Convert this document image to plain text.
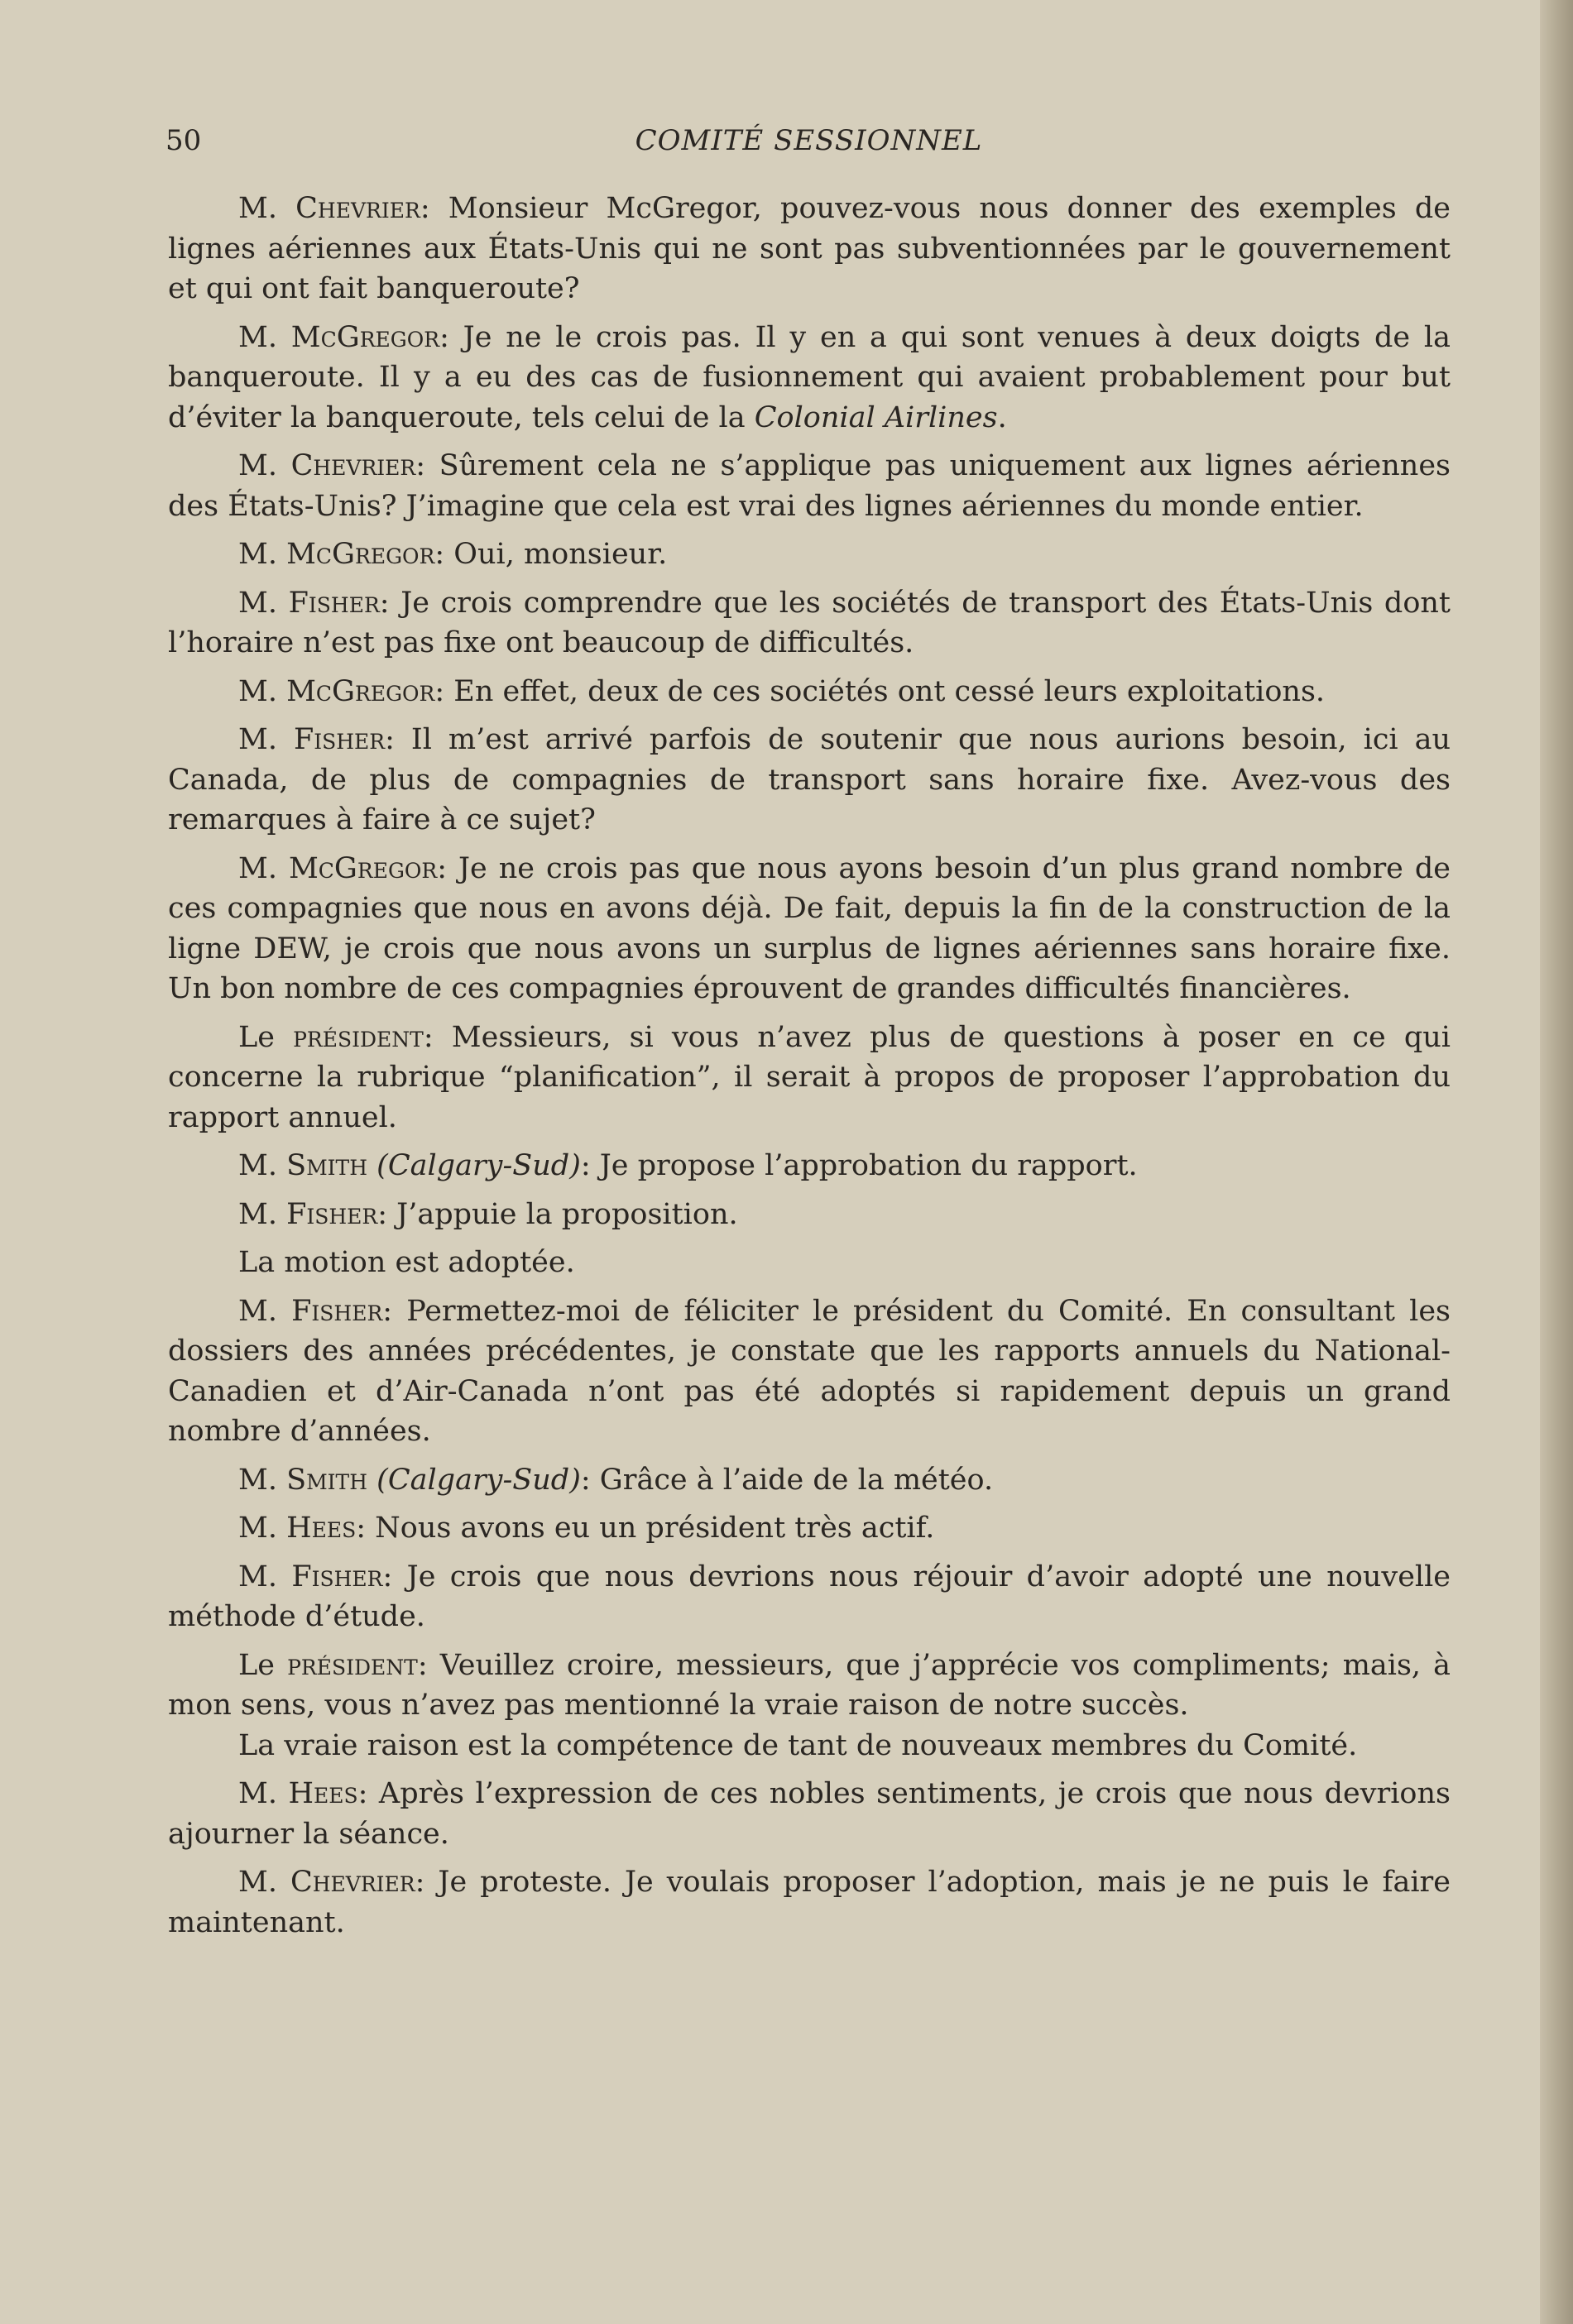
50	COMITÉ SESSIONNEL

M. Chevrier: Monsieur McGregor, pouvez-vous nous donner des exemples de lignes aériennes aux États-Unis qui ne sont pas subventionnées par le gouvernement et qui ont fait banqueroute?

M. McGregor: Je ne le crois pas. Il y en a qui sont venues à deux doigts de la banqueroute. Il y a eu des cas de fusionnement qui avaient probablement pour but d’éviter la banqueroute, tels celui de la Colonial Airlines.

M. Chevrier: Sûrement cela ne s’applique pas uniquement aux lignes aériennes des États-Unis? J’imagine que cela est vrai des lignes aériennes du monde entier.

M. McGregor: Oui, monsieur.

M. Fisher: Je crois comprendre que les sociétés de transport des États-Unis dont l’horaire n’est pas fixe ont beaucoup de difficultés.

M. McGregor: En effet, deux de ces sociétés ont cessé leurs exploitations.

M. Fisher: Il m’est arrivé parfois de soutenir que nous aurions besoin, ici au Canada, de plus de compagnies de transport sans horaire fixe. Avez-vous des remarques à faire à ce sujet?

M. McGregor: Je ne crois pas que nous ayons besoin d’un plus grand nombre de ces compagnies que nous en avons déjà. De fait, depuis la fin de la construction de la ligne DEW, je crois que nous avons un surplus de lignes aériennes sans horaire fixe. Un bon nombre de ces compagnies éprouvent de grandes difficultés financières.

Le président: Messieurs, si vous n’avez plus de questions à poser en ce qui concerne la rubrique “planification”, il serait à propos de proposer l’approbation du rapport annuel.

M. Smith (Calgary-Sud): Je propose l’approbation du rapport.

M. Fisher: J’appuie la proposition.

La motion est adoptée.

M. Fisher: Permettez-moi de féliciter le président du Comité. En consultant les dossiers des années précédentes, je constate que les rapports annuels du National-Canadien et d’Air-Canada n’ont pas été adoptés si rapidement depuis un grand nombre d’années.

M. Smith (Calgary-Sud): Grâce à l’aide de la météo.

M. Hees: Nous avons eu un président très actif.

M. Fisher: Je crois que nous devrions nous réjouir d’avoir adopté une nouvelle méthode d’étude.

Le président: Veuillez croire, messieurs, que j’apprécie vos compliments; mais, à mon sens, vous n’avez pas mentionné la vraie raison de notre succès.

La vraie raison est la compétence de tant de nouveaux membres du Comité.

M. Hees: Après l’expression de ces nobles sentiments, je crois que nous devrions ajourner la séance.

M. Chevrier: Je proteste. Je voulais proposer l’adoption, mais je ne puis le faire maintenant.
